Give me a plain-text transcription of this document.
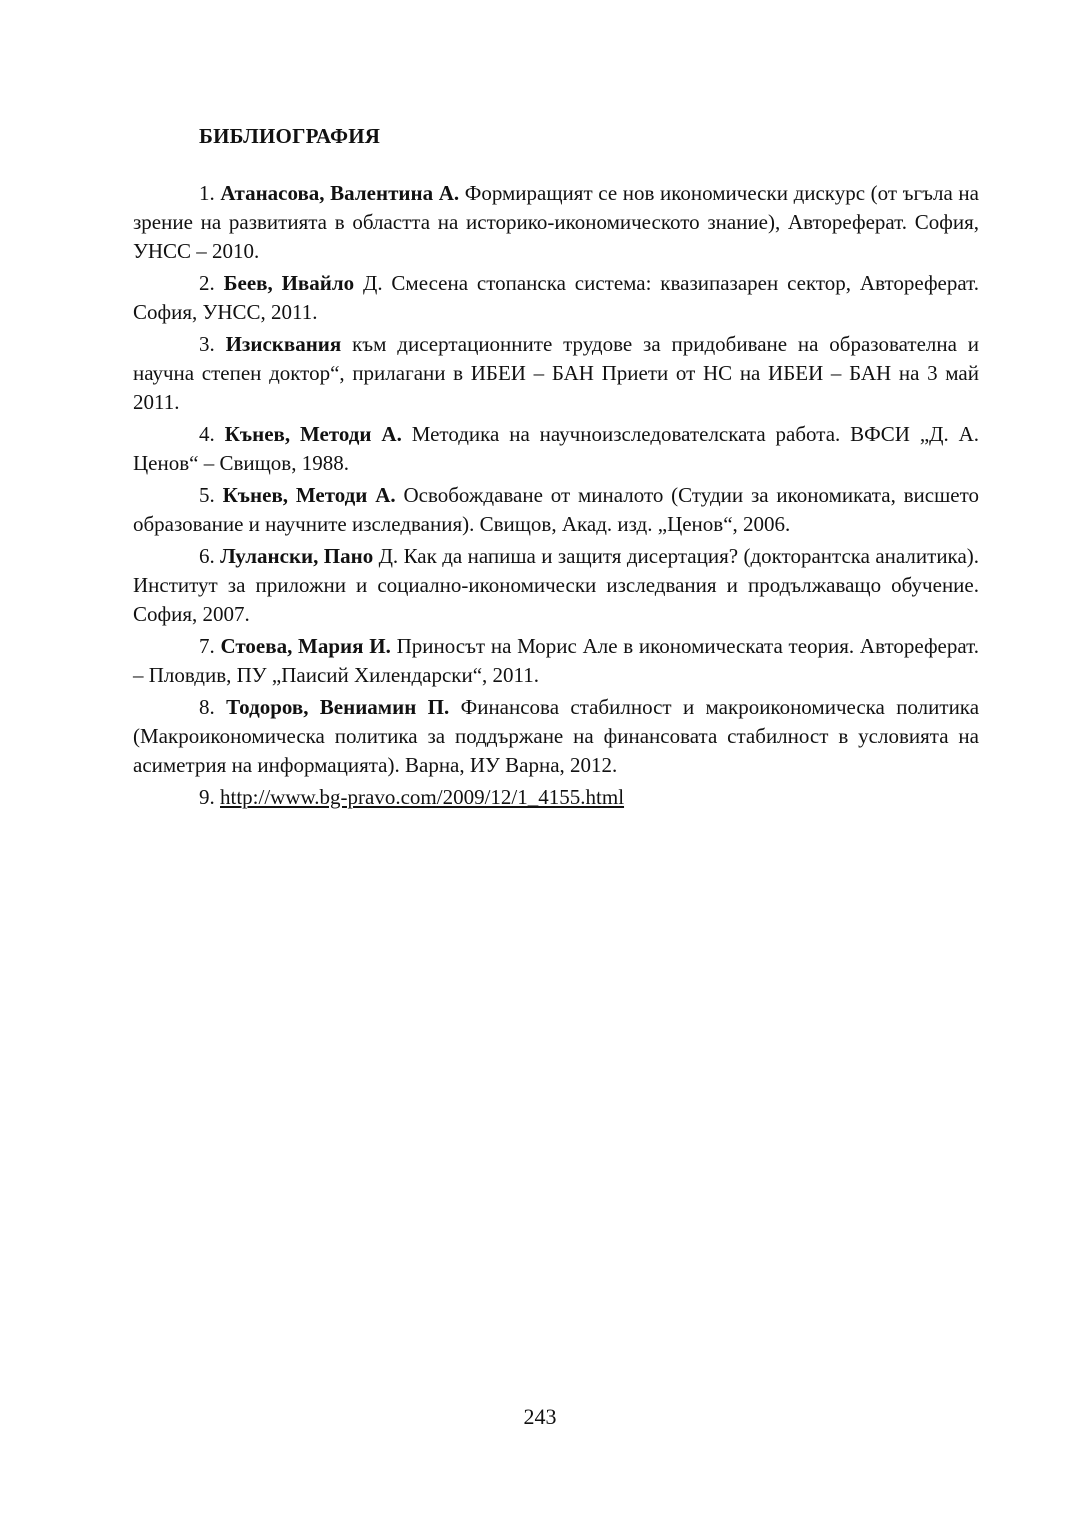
БИБЛИОГРАФИЯ

1. Атанасова, Валентина А. Формиращият се нов икономически дискурс (от ъгъла на зрение на развитията в областта на историко-икономическото знание), Автореферат. София, УНСС – 2010.

2. Беев, Ивайло Д. Смесена стопанска система: квазипазарен сектор, Автореферат. София, УНСС, 2011.

3. Изисквания към дисертационните трудове за придобиване на образователна и научна степен доктор“, прилагани в ИБЕИ – БАН Приети от НС на ИБЕИ – БАН на 3 май 2011.

4. Кънев, Методи А. Методика на научноизследователската работа. ВФСИ „Д. А. Ценов“ – Свищов, 1988.

5. Кънев, Методи А. Освобождаване от миналото (Студии за икономиката, висшето образование и научните изследвания). Свищов, Акад. изд. „Ценов“, 2006.

6. Лулански, Пано Д. Как да напиша и защитя дисертация? (докторантска аналитика). Институт за приложни и социално-икономически изследвания и продължаващо обучение. София, 2007.

7. Стоева, Мария И. Приносът на Морис Але в икономическата теория. Автореферат. – Пловдив, ПУ „Паисий Хилендарски“, 2011.

8. Тодоров, Вениамин П. Финансова стабилност и макроикономическа политика (Макроикономическа политика за поддържане на финансовата стабилност в условията на асиметрия на информацията). Варна, ИУ Варна, 2012.

9. http://www.bg-pravo.com/2009/12/1_4155.html

243
